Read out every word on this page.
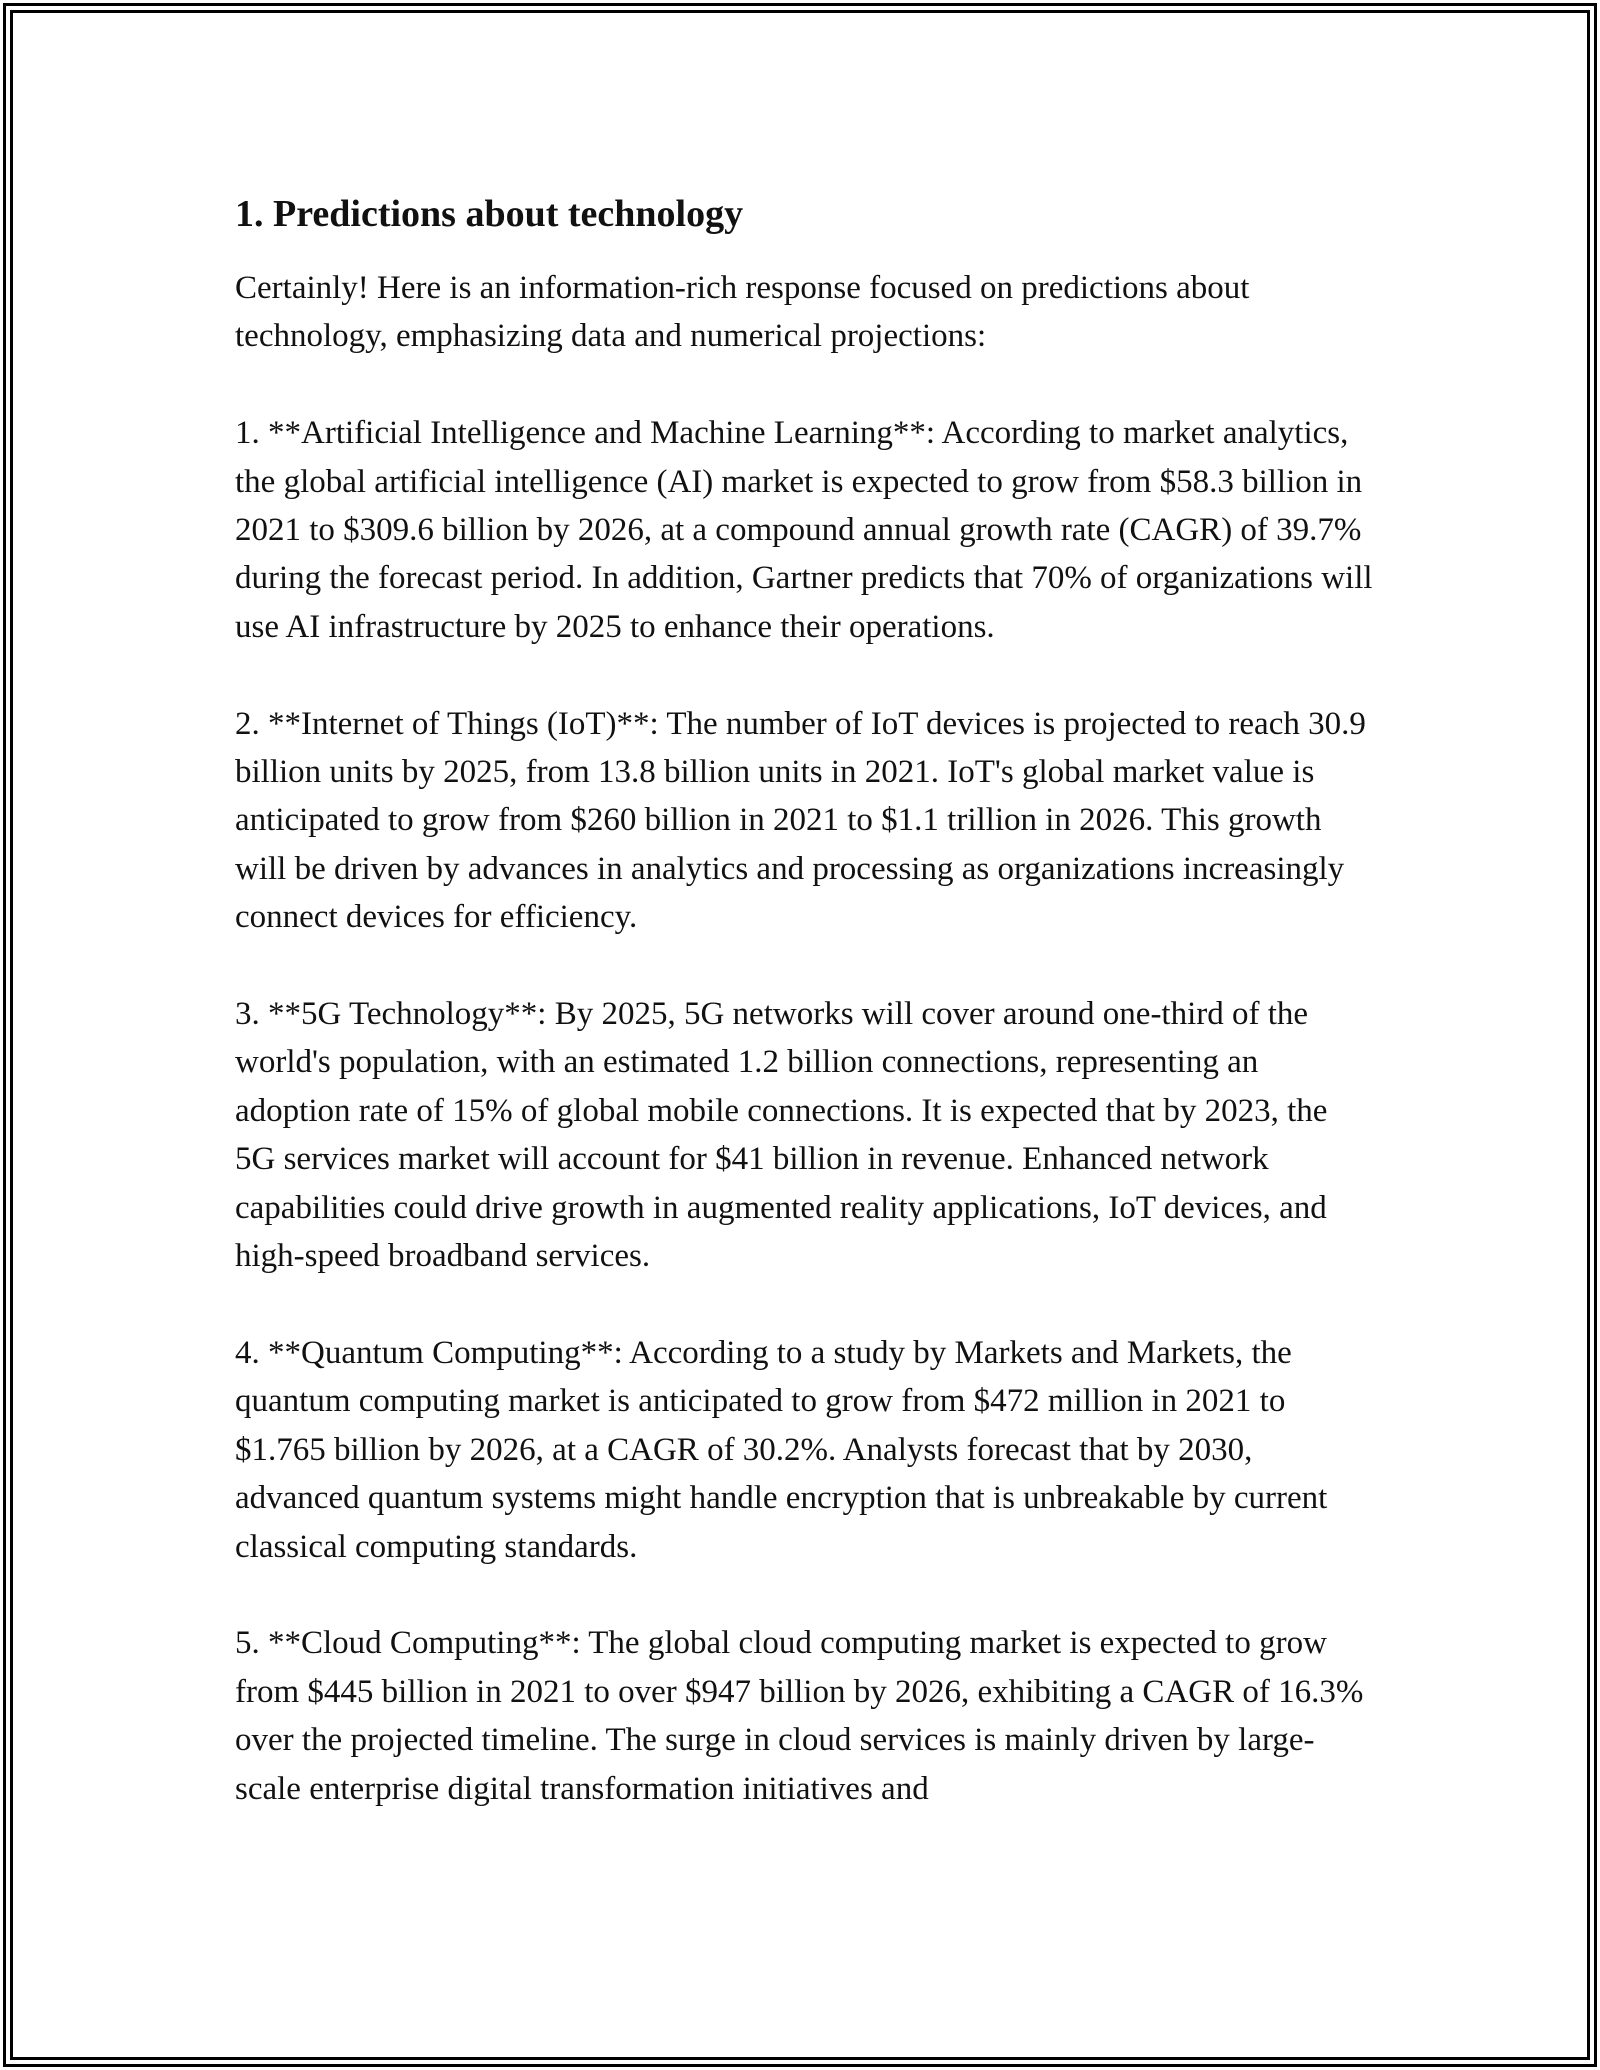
1. Predictions about technology

Certainly! Here is an information-rich response focused on predictions about technology, emphasizing data and numerical projections:

1. **Artificial Intelligence and Machine Learning**: According to market analytics, the global artificial intelligence (AI) market is expected to grow from $58.3 billion in 2021 to $309.6 billion by 2026, at a compound annual growth rate (CAGR) of 39.7% during the forecast period. In addition, Gartner predicts that 70% of organizations will use AI infrastructure by 2025 to enhance their operations.

2. **Internet of Things (IoT)**: The number of IoT devices is projected to reach 30.9 billion units by 2025, from 13.8 billion units in 2021. IoT's global market value is anticipated to grow from $260 billion in 2021 to $1.1 trillion in 2026. This growth will be driven by advances in analytics and processing as organizations increasingly connect devices for efficiency.

3. **5G Technology**: By 2025, 5G networks will cover around one-third of the world's population, with an estimated 1.2 billion connections, representing an adoption rate of 15% of global mobile connections. It is expected that by 2023, the 5G services market will account for $41 billion in revenue. Enhanced network capabilities could drive growth in augmented reality applications, IoT devices, and high-speed broadband services.

4. **Quantum Computing**: According to a study by Markets and Markets, the quantum computing market is anticipated to grow from $472 million in 2021 to $1.765 billion by 2026, at a CAGR of 30.2%. Analysts forecast that by 2030, advanced quantum systems might handle encryption that is unbreakable by current classical computing standards.

5. **Cloud Computing**: The global cloud computing market is expected to grow from $445 billion in 2021 to over $947 billion by 2026, exhibiting a CAGR of 16.3% over the projected timeline. The surge in cloud services is mainly driven by large-scale enterprise digital transformation initiatives and
